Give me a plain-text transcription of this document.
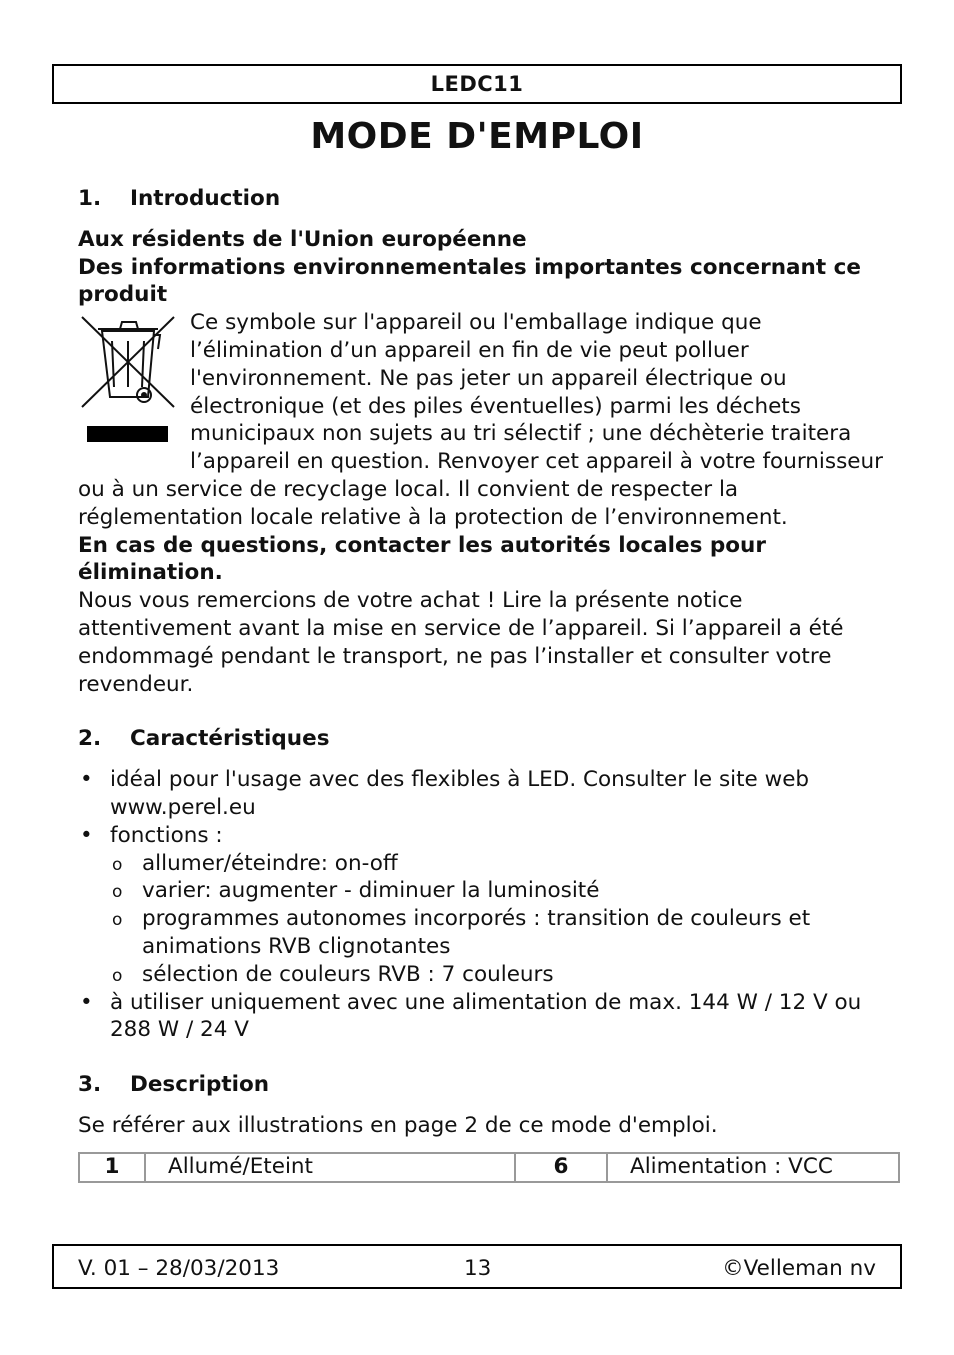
LEDC11
MODE D'EMPLOI
1.	Introduction

Aux résidents de l'Union européenne

Des informations environnementales importantes concernant ce produit

Ce symbole sur l'appareil ou l'emballage indique que l’élimination d’un appareil en fin de vie peut polluer l'environnement. Ne pas jeter un appareil électrique ou électronique (et des piles éventuelles) parmi les déchets municipaux non sujets au tri sélectif ; une déchèterie traitera l’appareil en question. Renvoyer cet appareil à votre fournisseur ou à un service de recyclage local. Il convient de respecter la réglementation locale relative à la protection de l’environnement.

En cas de questions, contacter les autorités locales pour élimination.

Nous vous remercions de votre achat ! Lire la présente notice attentivement avant la mise en service de l’appareil. Si l’appareil a été endommagé pendant le transport, ne pas l’installer et consulter votre revendeur.

2.	Caractéristiques
• idéal pour l'usage avec des flexibles à LED. Consulter le site web www.perel.eu
• fonctions :
o allumer/éteindre: on-off
o varier: augmenter - diminuer la luminosité
o programmes autonomes incorporés : transition de couleurs et animations RVB clignotantes
o sélection de couleurs RVB : 7 couleurs
• à utiliser uniquement avec une alimentation de max. 144 W / 12 V ou 288 W / 24 V
3.	Description

Se référer aux illustrations en page 2 de ce mode d'emploi.

1	Allumé/Eteint	6	Alimentation : VCC
V. 01 – 28/03/2013	13	©Velleman nv
